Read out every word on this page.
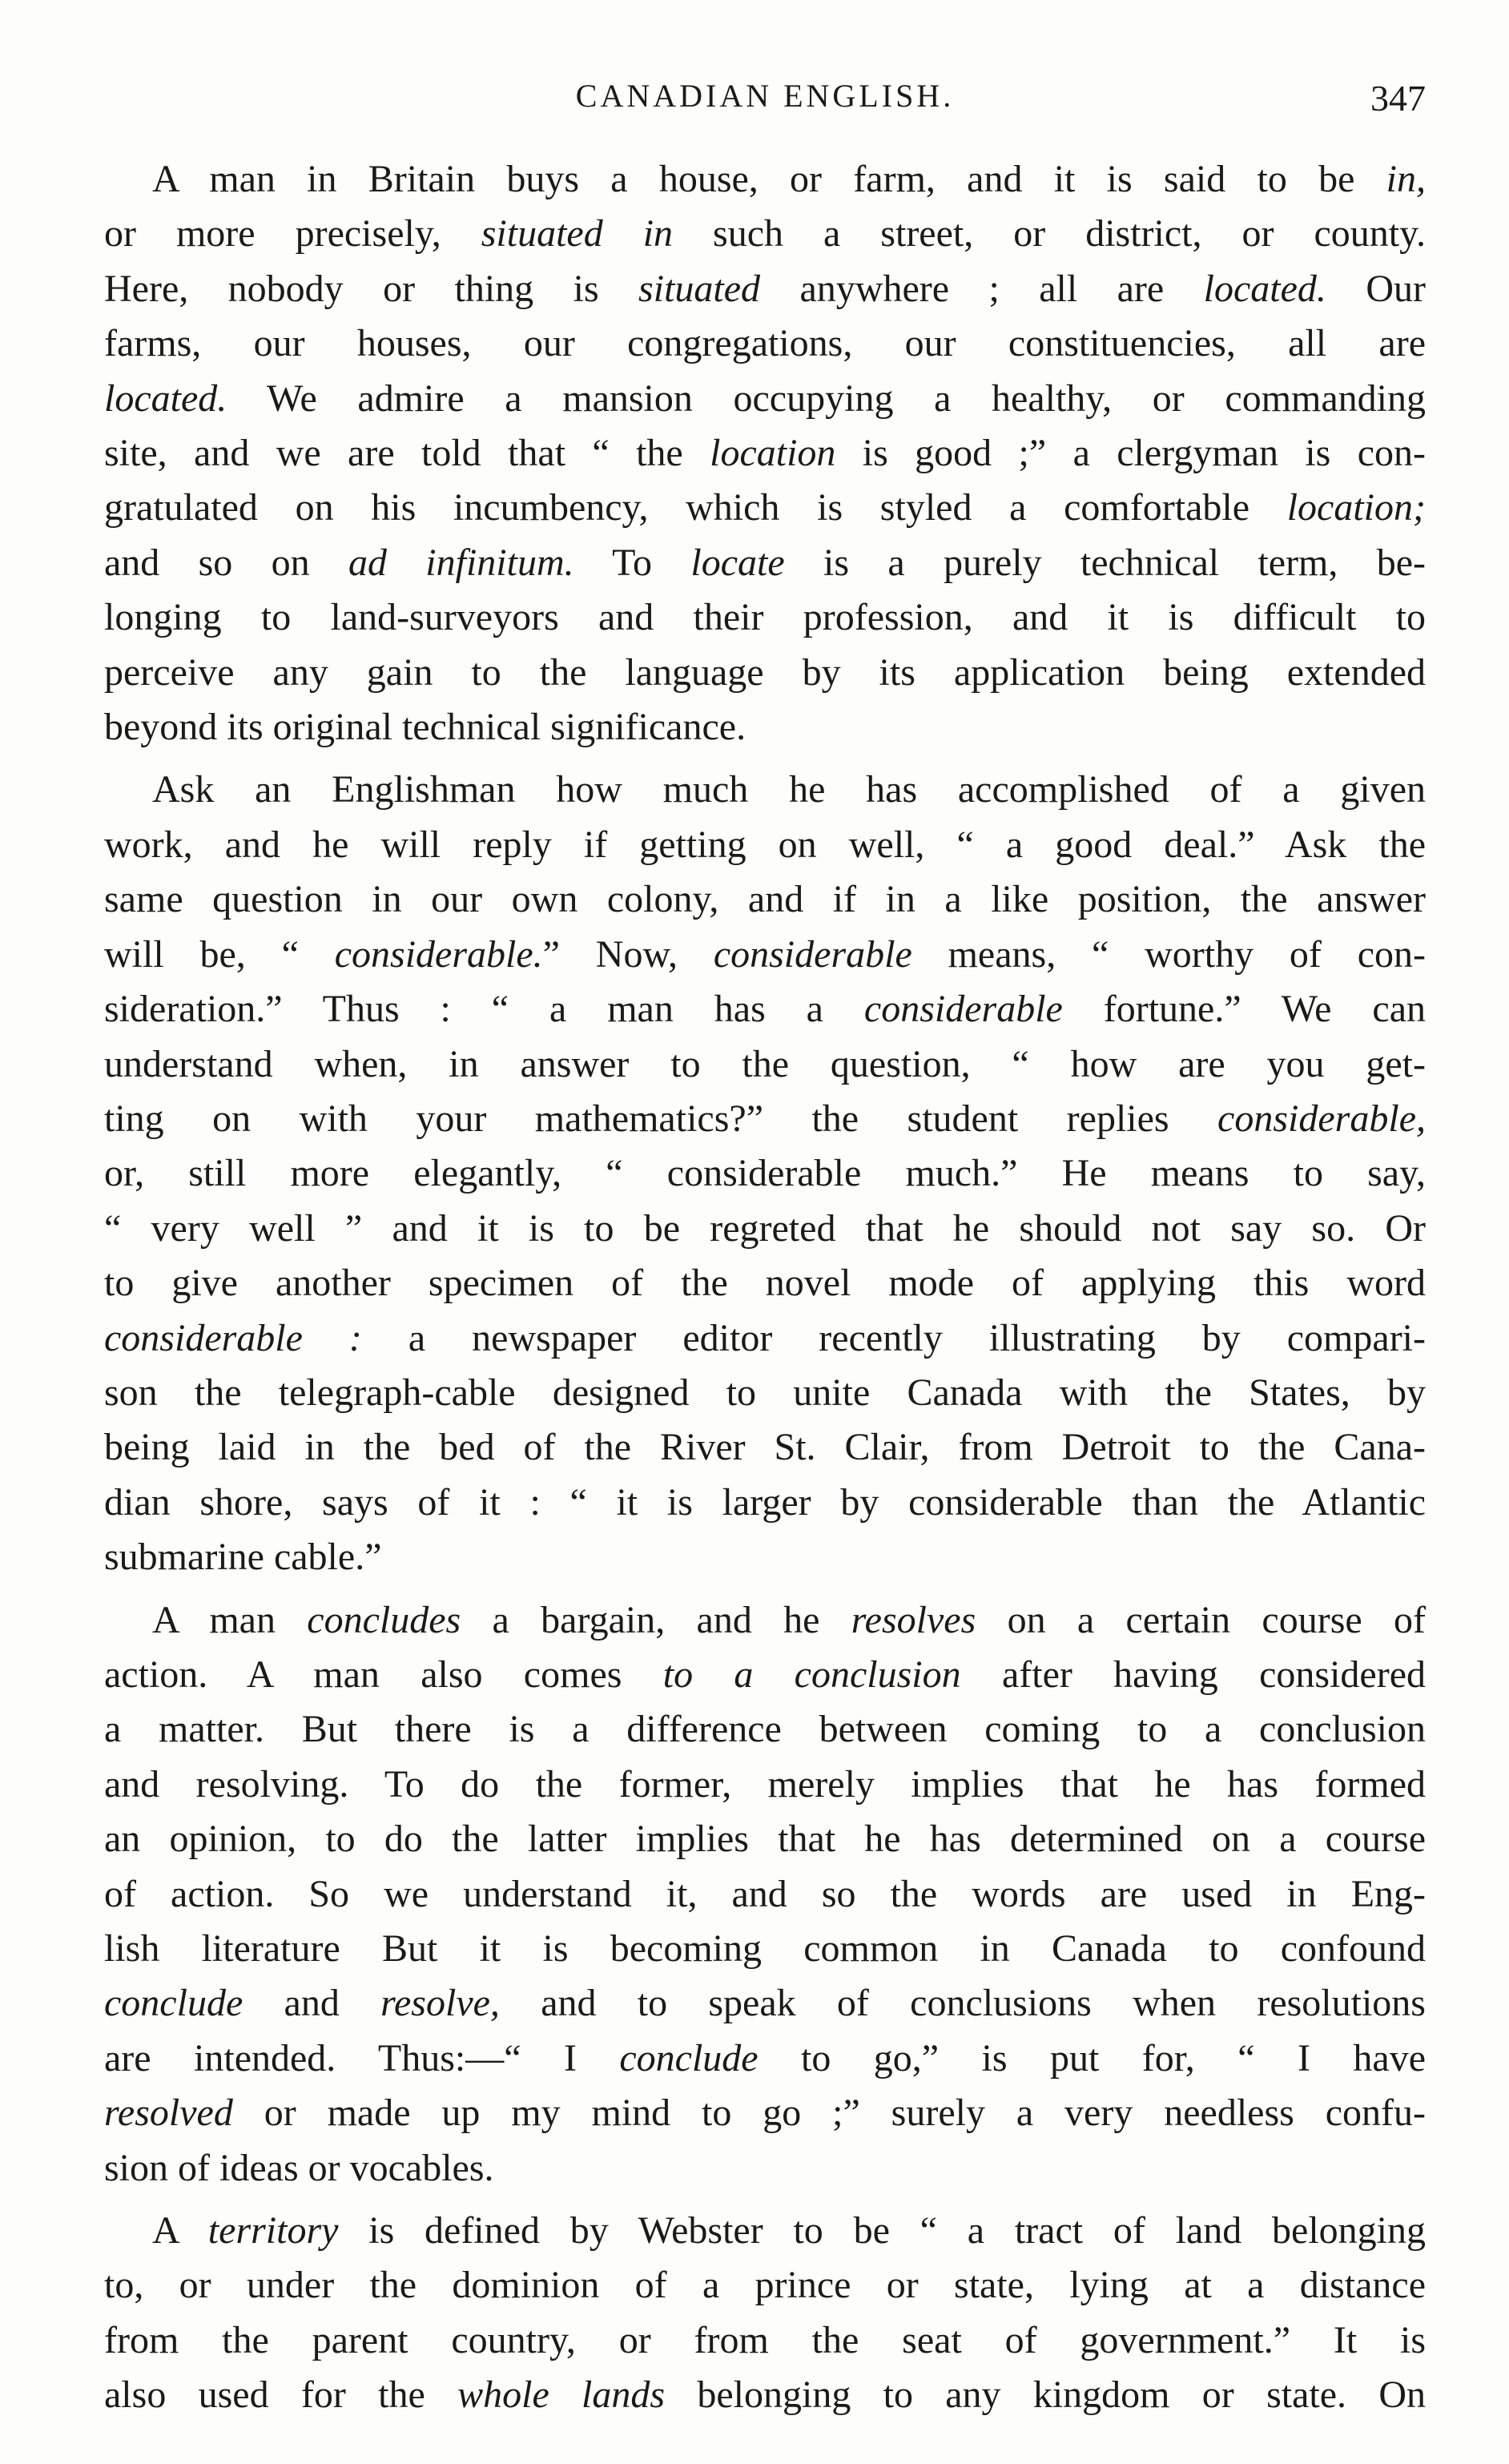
CANADIAN ENGLISH.	347
A man in Britain buys a house, or farm, and it is said to be in,
or more precisely, situated in such a street, or district, or county.
Here, nobody or thing is situated anywhere ; all are located. Our
farms, our houses, our congregations, our constituencies, all are
located. We admire a mansion occupying a healthy, or commanding
site, and we are told that “ the location is good ;” a clergyman is con-
gratulated on his incumbency, which is styled a comfortable location;
and so on ad infinitum. To locate is a purely technical term, be-
longing to land-surveyors and their profession, and it is difficult to
perceive any gain to the language by its application being extended
beyond its original technical significance.
Ask an Englishman how much he has accomplished of a given
work, and he will reply if getting on well, “ a good deal.” Ask the
same question in our own colony, and if in a like position, the answer
will be, “ considerable.” Now, considerable means, “ worthy of con-
sideration.” Thus : “ a man has a considerable fortune.” We can
understand when, in answer to the question, “ how are you get-
ting on with your mathematics?” the student replies considerable,
or, still more elegantly, “ considerable much.” He means to say,
“ very well ” and it is to be regreted that he should not say so. Or
to give another specimen of the novel mode of applying this word
considerable : a newspaper editor recently illustrating by compari-
son the telegraph-cable designed to unite Canada with the States, by
being laid in the bed of the River St. Clair, from Detroit to the Cana-
dian shore, says of it : “ it is larger by considerable than the Atlantic
submarine cable.”
A man concludes a bargain, and he resolves on a certain course of
action. A man also comes to a conclusion after having considered
a matter. But there is a difference between coming to a conclusion
and resolving. To do the former, merely implies that he has formed
an opinion, to do the latter implies that he has determined on a course
of action. So we understand it, and so the words are used in Eng-
lish literature But it is becoming common in Canada to confound
conclude and resolve, and to speak of conclusions when resolutions
are intended. Thus:—“ I conclude to go,” is put for, “ I have
resolved or made up my mind to go ;” surely a very needless confu-
sion of ideas or vocables.
A territory is defined by Webster to be “ a tract of land belonging
to, or under the dominion of a prince or state, lying at a distance
from the parent country, or from the seat of government.” It is
also used for the whole lands belonging to any kingdom or state. On
